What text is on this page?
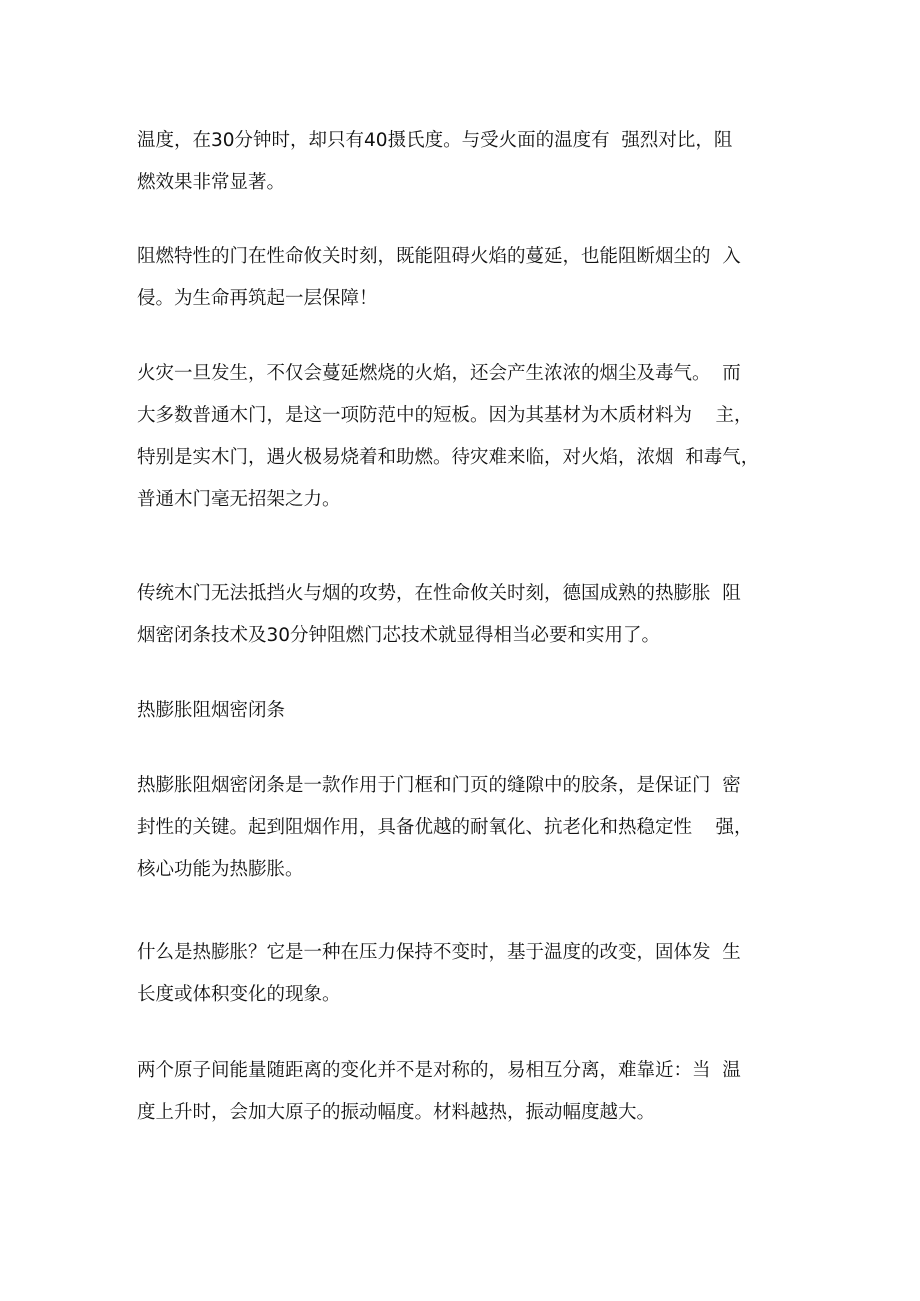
温度，在30分钟时，却只有40摄氏度。与受火面的温度有  强烈对比，阻
燃效果非常显著。

阻燃特性的门在性命攸关时刻，既能阻碍火焰的蔓延，也能阻断烟尘的  入
侵。为生命再筑起一层保障！

火灾一旦发生，不仅会蔓延燃烧的火焰，还会产生浓浓的烟尘及毒气。  而
大多数普通木门，是这一项防范中的短板。因为其基材为木质材料为    主，
特别是实木门，遇火极易烧着和助燃。待灾难来临，对火焰，浓烟  和毒气，
普通木门毫无招架之力。

传统木门无法抵挡火与烟的攻势，在性命攸关时刻，德国成熟的热膨胀  阻
烟密闭条技术及30分钟阻燃门芯技术就显得相当必要和实用了。

热膨胀阻烟密闭条

热膨胀阻烟密闭条是一款作用于门框和门页的缝隙中的胶条，是保证门  密
封性的关键。起到阻烟作用，具备优越的耐氧化、抗老化和热稳定性    强，
核心功能为热膨胀。

什么是热膨胀？它是一种在压力保持不变时，基于温度的改变，固体发  生
长度或体积变化的现象。

两个原子间能量随距离的变化并不是对称的，易相互分离，难靠近：当  温
度上升时，会加大原子的振动幅度。材料越热，振动幅度越大。
